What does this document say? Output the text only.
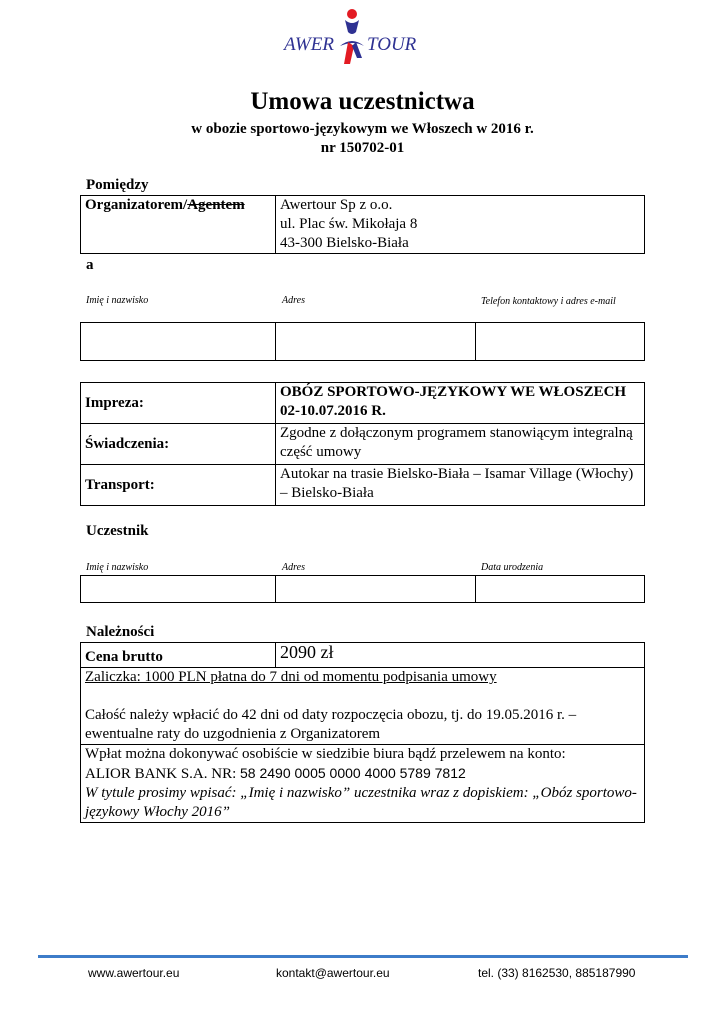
AWER TOUR
Umowa uczestnictwa
w obozie sportowo-językowym we Włoszech w 2016 r.
nr 150702-01
Pomiędzy
Organizatorem/Agentem	Awertour Sp z o.o.
ul. Plac św. Mikołaja 8
43-300 Bielsko-Biała
a
Imię i nazwisko	Adres	Telefon kontaktowy i adres e-mail

Impreza:	OBÓZ SPORTOWO-JĘZYKOWY WE WŁOSZECH 02-10.07.2016 R.
Świadczenia:	Zgodne z dołączonym programem stanowiącym integralną część umowy
Transport:	Autokar na trasie Bielsko-Biała – Isamar Village (Włochy) – Bielsko-Biała
Uczestnik
Imię i nazwisko	Adres	Data urodzenia

Należności
Cena brutto	2090 zł

Zaliczka: 1000 PLN płatna do 7 dni od momentu podpisania umowy
Całość należy wpłacić do 42 dni od daty rozpoczęcia obozu, tj. do 19.05.2016 r. – ewentualne raty do uzgodnienia z Organizatorem

Wpłat można dokonywać osobiście w siedzibie biura bądź przelewem na konto:
ALIOR BANK S.A. NR: 58 2490 0005 0000 4000 5789 7812
W tytule prosimy wpisać: „Imię i nazwisko” uczestnika wraz z dopiskiem: „Obóz sportowo-językowy Włochy 2016”
www.awertour.eu	kontakt@awertour.eu	tel. (33) 8162530, 885187990
